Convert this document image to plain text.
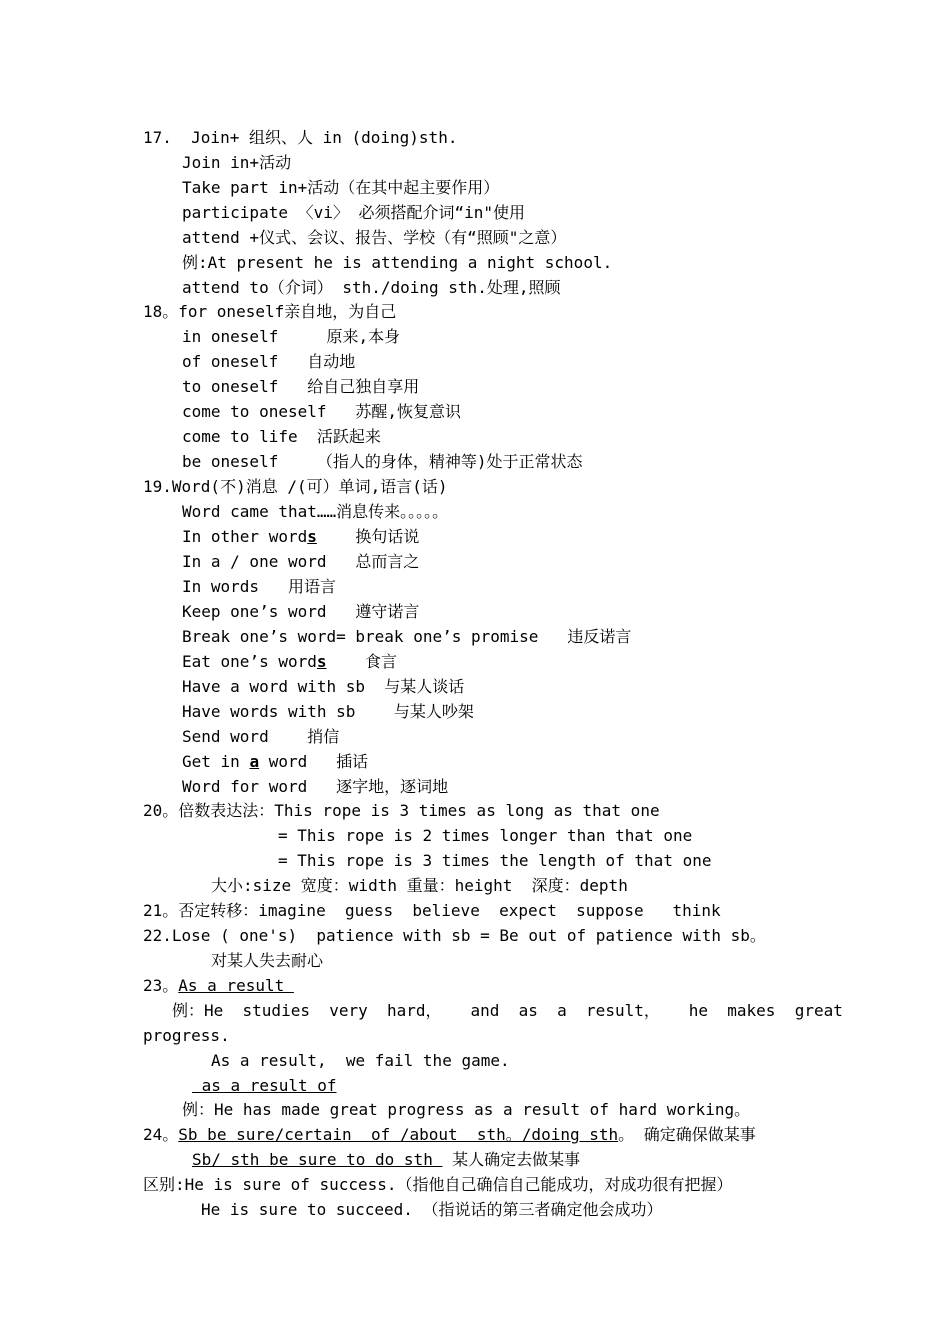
17.  Join+ 组织、人 in (doing)sth.
Join in+活动
Take part in+活动（在其中起主要作用）
participate 〈vi〉 必须搭配介词“in"使用
attend +仪式、会议、报告、学校（有“照顾"之意）
例:At present he is attending a night school.
attend to（介词） sth./doing sth.处理,照顾
18。for oneself亲自地，为自己
in oneself     原来,本身
of oneself   自动地
to oneself   给自己独自享用
come to oneself   苏醒,恢复意识
come to life  活跃起来
be oneself    （指人的身体，精神等)处于正常状态
19.Word(不)消息 /(可）单词,语言(话)
Word came that……消息传来。。。。。
In other words    换句话说
In a / one word   总而言之
In words   用语言
Keep one’s word   遵守诺言
Break one’s word= break one’s promise   违反诺言
Eat one’s words    食言
Have a word with sb  与某人谈话
Have words with sb    与某人吵架
Send word    捎信
Get in a word   插话
Word for word   逐字地，逐词地
20。倍数表达法：This rope is 3 times as long as that one
= This rope is 2 times longer than that one
= This rope is 3 times the length of that one
大小:size 宽度：width 重量：height  深度：depth
21。否定转移：imagine  guess  believe  expect  suppose   think
22.Lose ( one's)  patience with sb = Be out of patience with sb。
对某人失去耐心
23。As a result
例：He  studies  very  hard，   and  as  a  result，   he  makes  great
progress.
As a result,  we fail the game.
as a result of
例：He has made great progress as a result of hard working。
24。Sb be sure/certain  of /about  sth。/doing sth。 确定确保做某事
Sb/ sth be sure to do sth  某人确定去做某事
区别:He is sure of success.（指他自己确信自己能成功，对成功很有把握）
He is sure to succeed. （指说话的第三者确定他会成功）
